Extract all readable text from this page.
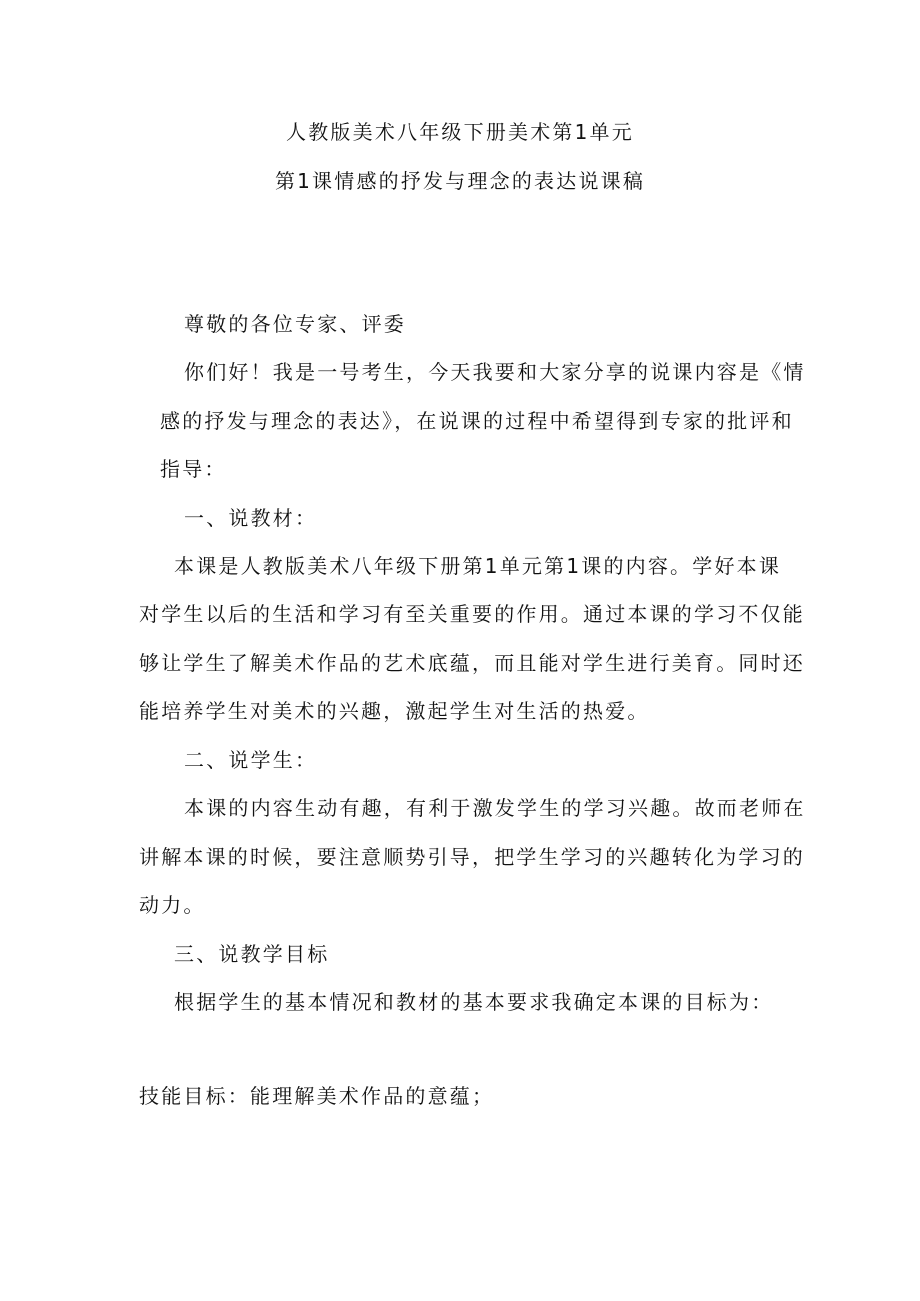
人教版美术八年级下册美术第1单元
第1课情感的抒发与理念的表达说课稿
尊敬的各位专家、评委
你们好！我是一号考生，今天我要和大家分享的说课内容是《情
感的抒发与理念的表达》，在说课的过程中希望得到专家的批评和
指导：
一、说教材：
本课是人教版美术八年级下册第1单元第1课的内容。学好本课
对学生以后的生活和学习有至关重要的作用。通过本课的学习不仅能
够让学生了解美术作品的艺术底蕴，而且能对学生进行美育。同时还
能培养学生对美术的兴趣，激起学生对生活的热爱。
二、说学生：
本课的内容生动有趣，有利于激发学生的学习兴趣。故而老师在
讲解本课的时候，要注意顺势引导，把学生学习的兴趣转化为学习的
动力。
三、说教学目标
根据学生的基本情况和教材的基本要求我确定本课的目标为：
技能目标：能理解美术作品的意蕴；
